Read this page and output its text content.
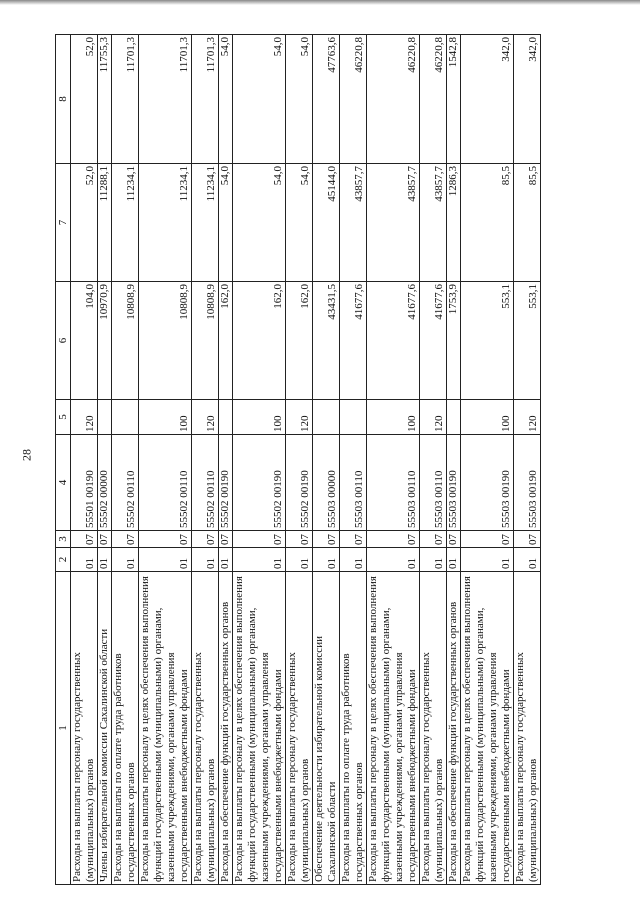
28
1	2	3	4	5	6	7	8
Расходы на выплаты персоналу государственных (муниципальных) органов	01	07	55501 00190	120	104,0	52,0	52,0
Члены избирательной комиссии Сахалинской области	01	07	55502 00000		10970,9	11288,1	11755,3
Расходы на выплаты по оплате труда работников государственных органов	01	07	55502 00110		10808,9	11234,1	11701,3
Расходы на выплаты персоналу в целях обеспечения выполнения функций государственными (муниципальными) органами, казенными учреждениями, органами управления государственными внебюджетными фондами	01	07	55502 00110	100	10808,9	11234,1	11701,3
Расходы на выплаты персоналу государственных (муниципальных) органов	01	07	55502 00110	120	10808,9	11234,1	11701,3
Расходы на обеспечение функций государственных органов	01	07	55502 00190		162,0	54,0	54,0
Расходы на выплаты персоналу в целях обеспечения выполнения функций государственными (муниципальными) органами, казенными учреждениями, органами управления государственными внебюджетными фондами	01	07	55502 00190	100	162,0	54,0	54,0
Расходы на выплаты персоналу государственных (муниципальных) органов	01	07	55502 00190	120	162,0	54,0	54,0
Обеспечение деятельности избирательной комиссии Сахалинской области	01	07	55503 00000		43431,5	45144,0	47763,6
Расходы на выплаты по оплате труда работников государственных органов	01	07	55503 00110		41677,6	43857,7	46220,8
Расходы на выплаты персоналу в целях обеспечения выполнения функций государственными (муниципальными) органами, казенными учреждениями, органами управления государственными внебюджетными фондами	01	07	55503 00110	100	41677,6	43857,7	46220,8
Расходы на выплаты персоналу государственных (муниципальных) органов	01	07	55503 00110	120	41677,6	43857,7	46220,8
Расходы на обеспечение функций государственных органов	01	07	55503 00190		1753,9	1286,3	1542,8
Расходы на выплаты персоналу в целях обеспечения выполнения функций государственными (муниципальными) органами, казенными учреждениями, органами управления государственными внебюджетными фондами	01	07	55503 00190	100	553,1	85,5	342,0
Расходы на выплаты персоналу государственных (муниципальных) органов	01	07	55503 00190	120	553,1	85,5	342,0
